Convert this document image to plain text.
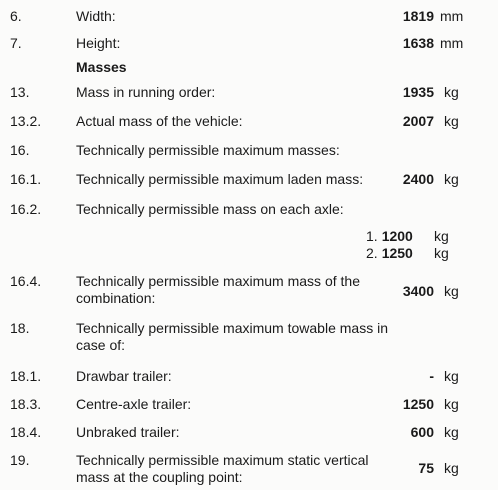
6.	Width:	1819 mm
7.	Height:	1638 mm
Masses
13.	Mass in running order:	1935 kg
13.2. Actual mass of the vehicle:	2007 kg
16.	Technically permissible maximum masses:
16.1. Technically permissible maximum laden mass:	2400 kg
16.2. Technically permissible mass on each axle:
1. 1200 kg
2. 1250 kg
16.4. Technically permissible maximum mass of the
combination:	3400 kg
18.	Technically permissible maximum towable mass in
case of:
18.1. Drawbar trailer:	- kg
18.3. Centre-axle trailer:	1250 kg
18.4. Unbraked trailer:	600 kg
19.	Technically permissible maximum static vertical
mass at the coupling point:
75 kg
